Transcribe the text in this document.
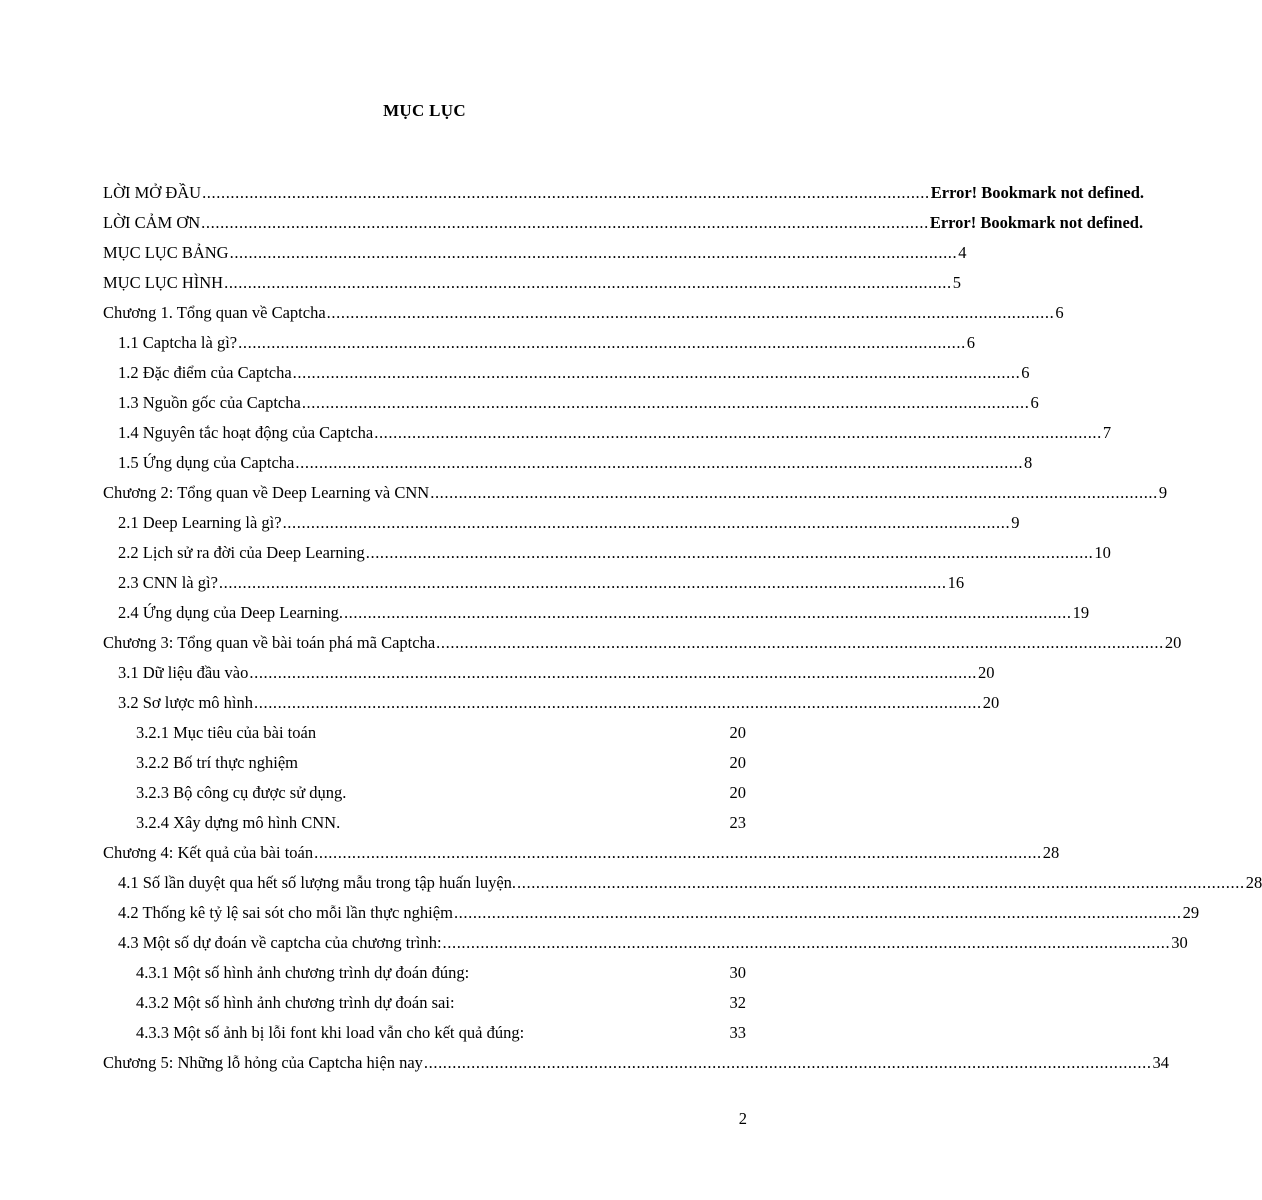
MỤC LỤC
LỜI MỞ ĐẦU .......................................................................................................................................................... Error! Bookmark not defined.
LỜI CẢM ƠN .......................................................................................................................................................... Error! Bookmark not defined.
MỤC LỤC BẢNG .......................................................................................................................................................... 4
MỤC LỤC HÌNH .......................................................................................................................................................... 5
Chương 1. Tổng quan về Captcha .......................................................................................................................................................... 6
1.1 Captcha là gì? .......................................................................................................................................................... 6
1.2 Đặc điểm của Captcha .......................................................................................................................................................... 6
1.3 Nguồn gốc của Captcha .......................................................................................................................................................... 6
1.4 Nguyên tắc hoạt động của Captcha .......................................................................................................................................................... 7
1.5 Ứng dụng của Captcha .......................................................................................................................................................... 8
Chương 2: Tổng quan về Deep Learning và CNN .......................................................................................................................................................... 9
2.1 Deep Learning là gì? .......................................................................................................................................................... 9
2.2 Lịch sử ra đời của Deep Learning .......................................................................................................................................................... 10
2.3 CNN là gì? .......................................................................................................................................................... 16
2.4 Ứng dụng của Deep Learning. .......................................................................................................................................................... 19
Chương 3: Tổng quan về bài toán phá mã Captcha .......................................................................................................................................................... 20
3.1 Dữ liệu đầu vào .......................................................................................................................................................... 20
3.2 Sơ lược mô hình .......................................................................................................................................................... 20
3.2.1 Mục tiêu của bài toán	20
3.2.2 Bố trí thực nghiệm	20
3.2.3 Bộ công cụ được sử dụng.	20
3.2.4 Xây dựng mô hình CNN.	23
Chương 4: Kết quả của bài toán .......................................................................................................................................................... 28
4.1 Số lần duyệt qua hết số lượng mẫu trong tập huấn luyện. .......................................................................................................................................................... 28
4.2 Thống kê tỷ lệ sai sót cho mỗi lần thực nghiệm .......................................................................................................................................................... 29
4.3 Một số dự đoán về captcha của chương trình: .......................................................................................................................................................... 30
4.3.1 Một số hình ảnh chương trình dự đoán đúng:	30
4.3.2 Một số hình ảnh chương trình dự đoán sai:	32
4.3.3 Một số ảnh bị lỗi font khi load vẫn cho kết quả đúng:	33
Chương 5: Những lỗ hỏng của Captcha hiện nay .......................................................................................................................................................... 34
2
